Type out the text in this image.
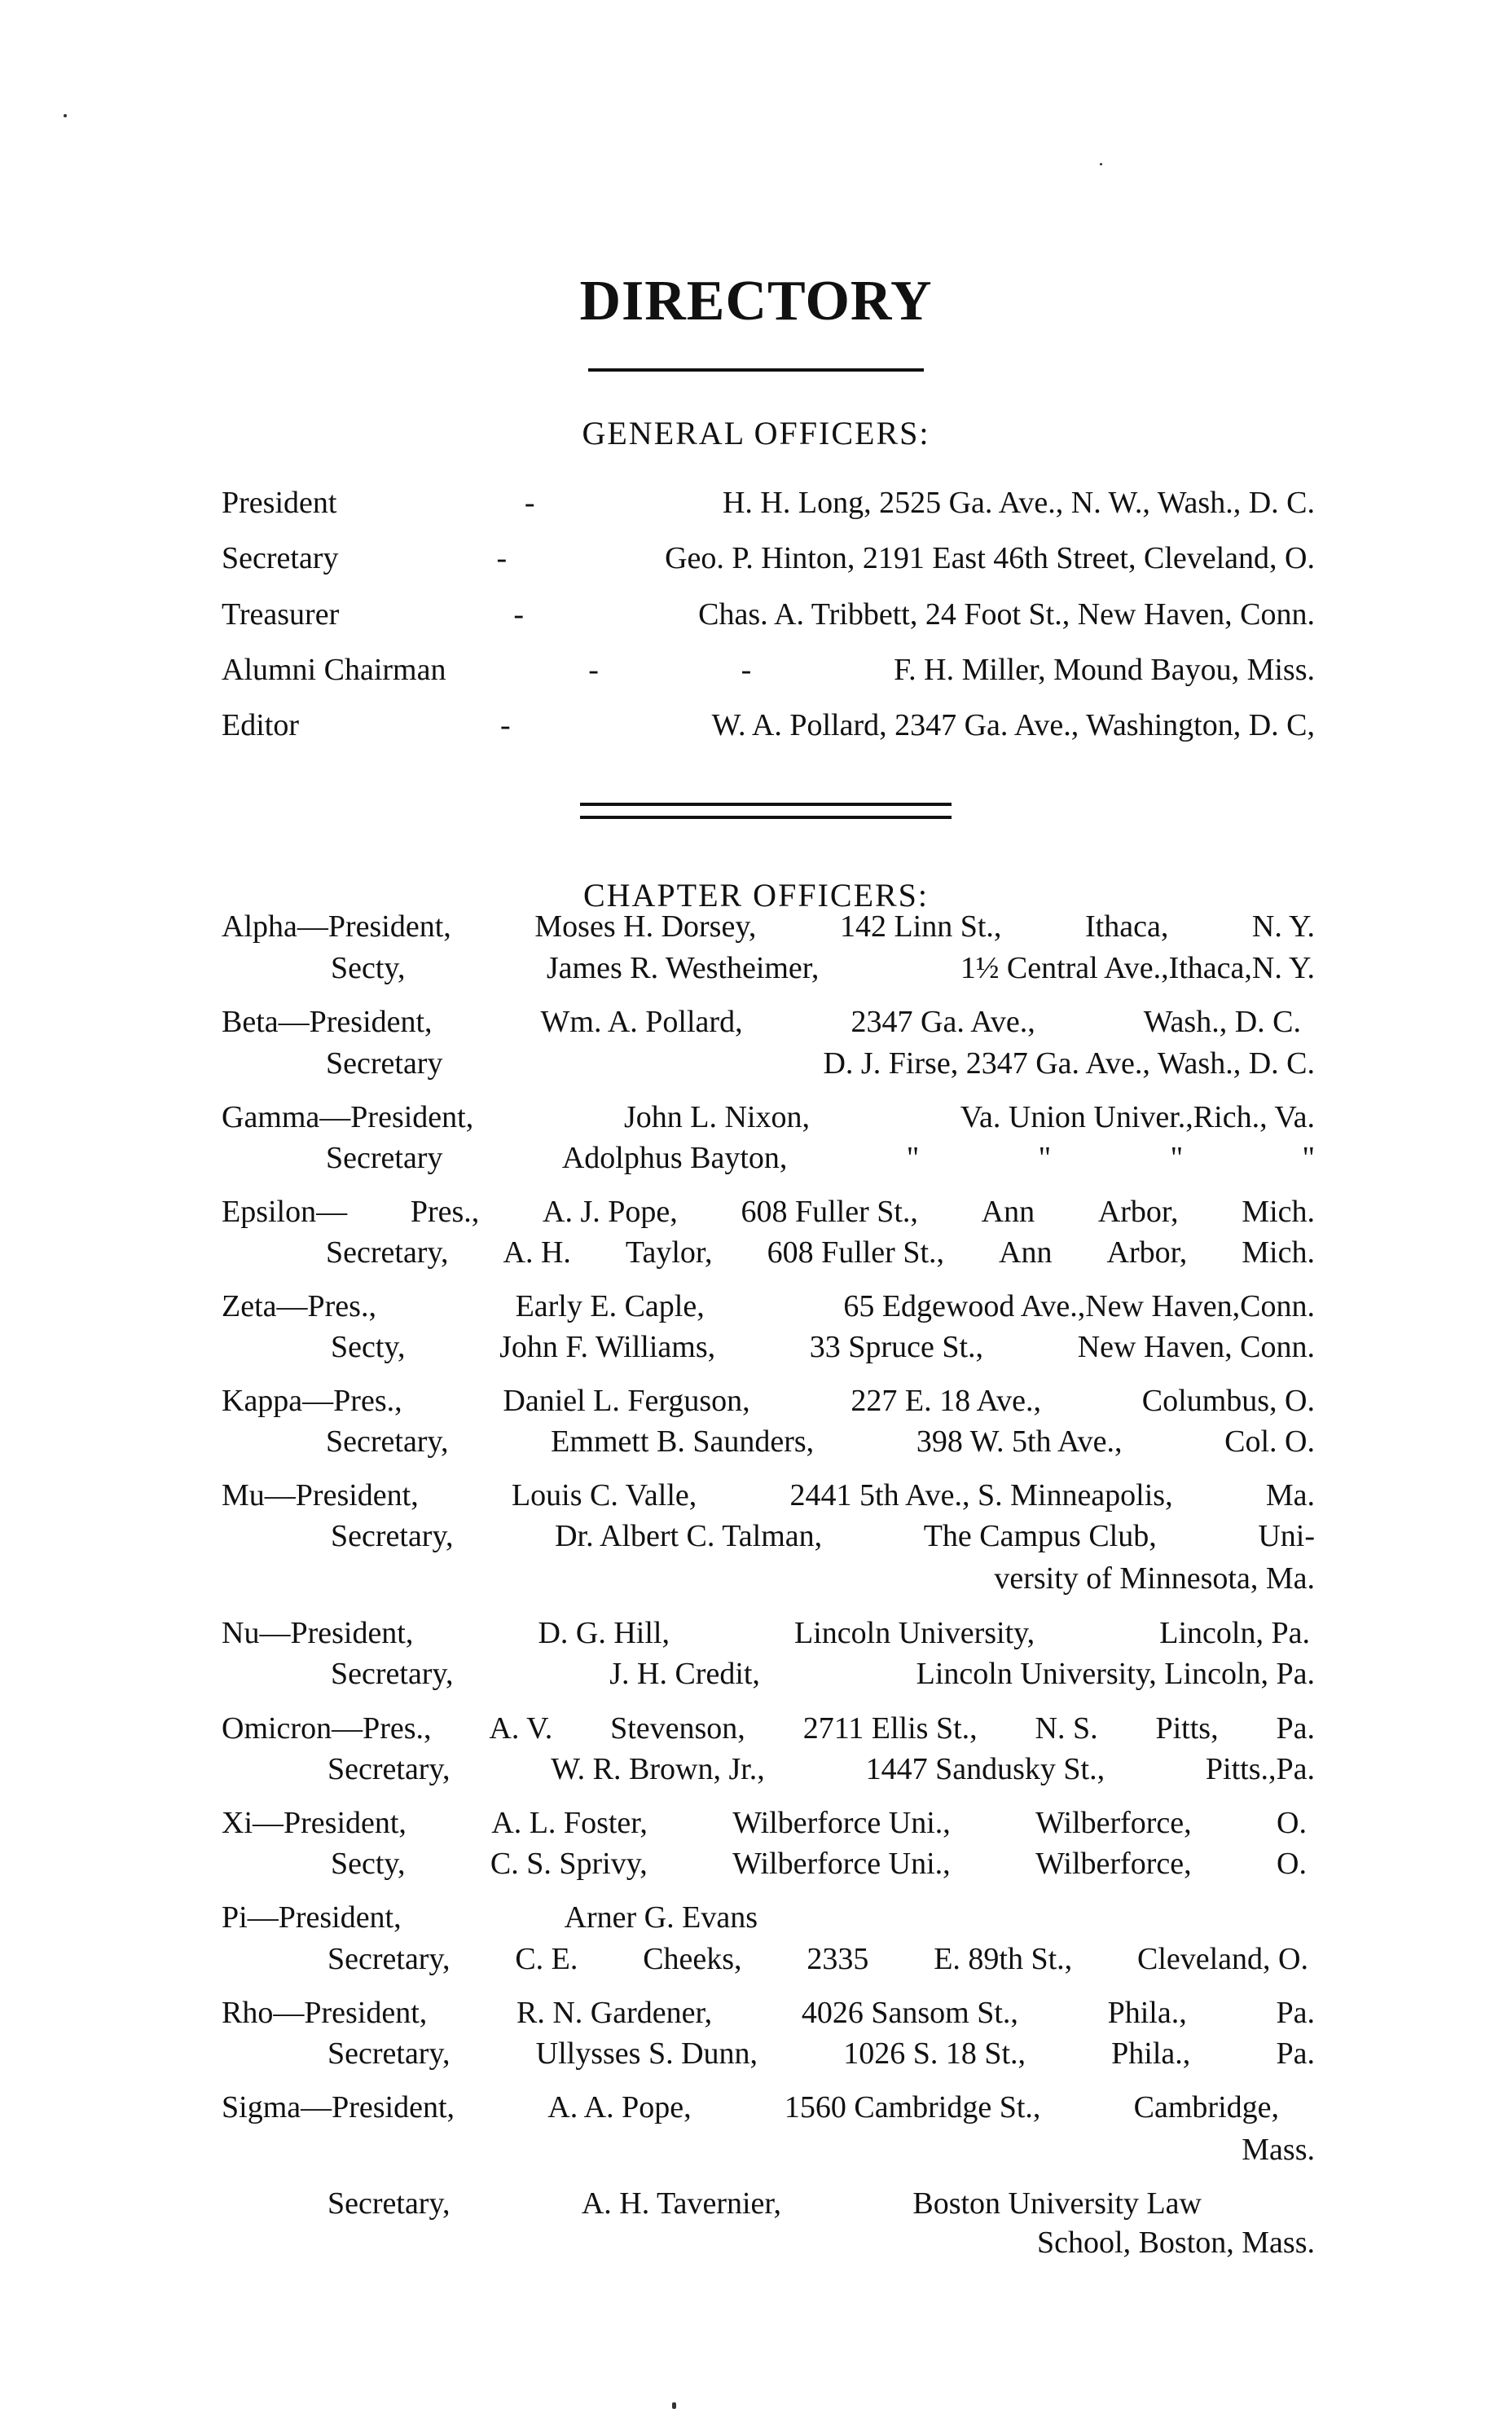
DIRECTORY
GENERAL OFFICERS:
President	-	H. H. Long, 2525 Ga. Ave., N. W., Wash., D. C.
Secretary	-	Geo. P. Hinton, 2191 East 46th Street, Cleveland, O.
Treasurer	-	Chas. A. Tribbett, 24 Foot St., New Haven, Conn.
Alumni Chairman	-	-	F. H. Miller, Mound Bayou, Miss.
Editor	-	W. A. Pollard, 2347 Ga. Ave., Washington, D. C,
CHAPTER OFFICERS:
Alpha—President,	Moses H. Dorsey,	142 Linn St.,	Ithaca,	N. Y.
Secty,	James R. Westheimer,	1½ Central Ave.,Ithaca,N. Y.
Beta—President,	Wm. A. Pollard,	2347 Ga. Ave.,	Wash., D. C.
Secretary	D. J. Firse, 2347 Ga. Ave., Wash., D. C.
Gamma—President,	John L. Nixon,	Va. Union Univer.,Rich., Va.
Secretary	Adolphus Bayton,	"	"	"	"
Epsilon— Pres., A. J. Pope, 608 Fuller St., Ann Arbor, Mich.
Secretary, A. H. Taylor, 608 Fuller St., Ann Arbor, Mich.
Zeta—Pres.,	Early E. Caple,	65 Edgewood Ave.,New Haven,Conn.
Secty,	John F. Williams,	33 Spruce St.,	New Haven, Conn.
Kappa—Pres.,	Daniel L. Ferguson,	227 E. 18 Ave.,	Columbus, O.
Secretary,	Emmett B. Saunders,	398 W. 5th Ave.,	Col. O.
Mu—President,	Louis C. Valle,	2441 5th Ave., S. Minneapolis,	Ma.
Secretary,	Dr. Albert C. Talman,	The Campus Club,	Uni-
versity of Minnesota, Ma.
Nu—President,	D. G. Hill,	Lincoln University,	Lincoln, Pa.
Secretary,	J. H. Credit,	Lincoln University, Lincoln, Pa.
Omicron—Pres., A. V. Stevenson, 2711 Ellis St., N. S. Pitts, Pa.
Secretary,	W. R. Brown, Jr.,	1447 Sandusky St.,	Pitts.,Pa.
Xi—President,	A. L. Foster,	Wilberforce Uni.,	Wilberforce,	O.
Secty,	C. S. Sprivy,	Wilberforce Uni.,	Wilberforce,	O.
Pi—President,	Arner G. Evans
Secretary, C. E. Cheeks, 2335 E. 89th St., Cleveland, O.
Rho—President,	R. N. Gardener,	4026 Sansom St.,	Phila.,	Pa.
Secretary,	Ullysses S. Dunn,	1026 S. 18 St.,	Phila.,	Pa.
Sigma—President,	A. A. Pope,	1560 Cambridge St.,	Cambridge,
Mass.
Secretary,	A. H. Tavernier,	Boston University Law
School, Boston, Mass.
